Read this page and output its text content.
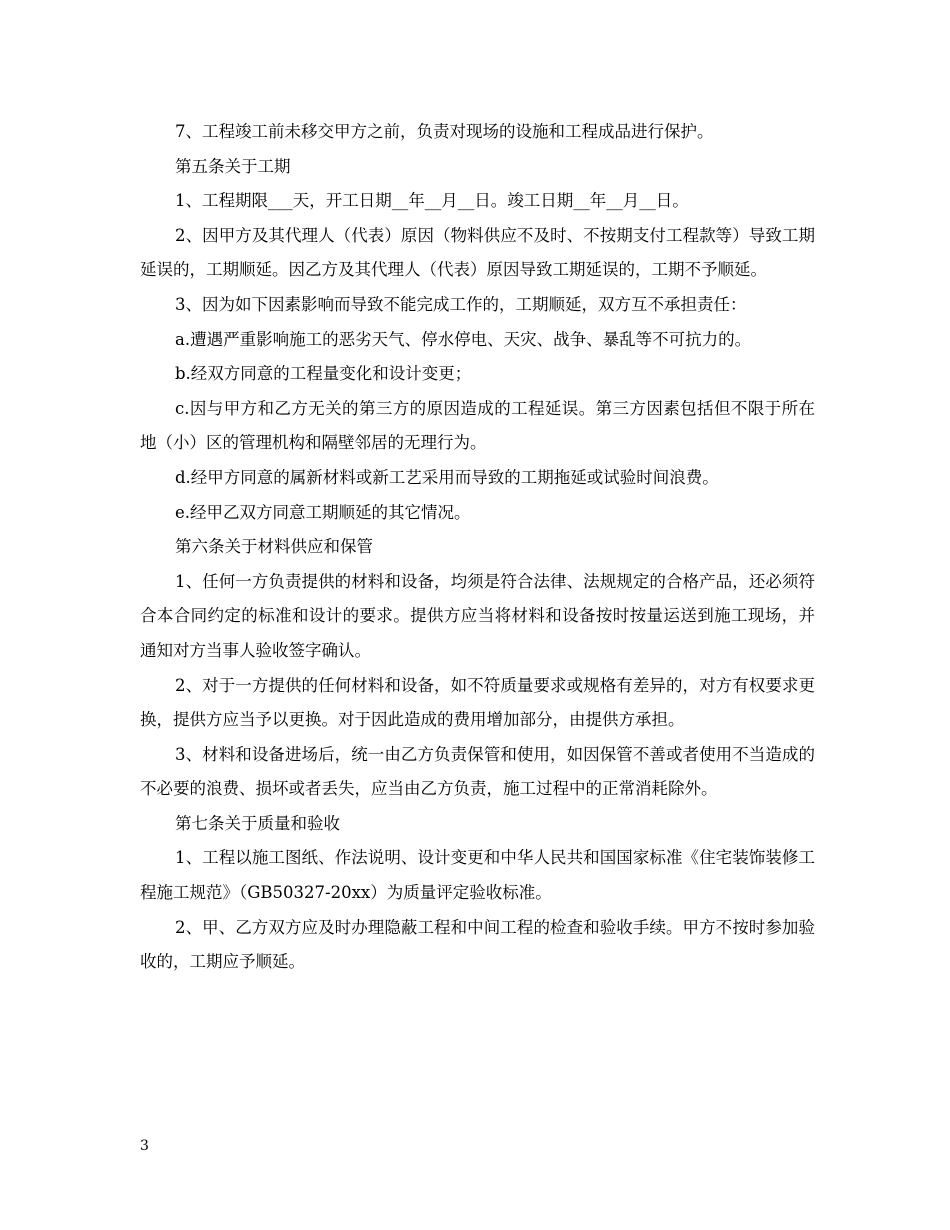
7、工程竣工前未移交甲方之前，负责对现场的设施和工程成品进行保护。

第五条关于工期

1、工程期限___天，开工日期__年__月__日。竣工日期__年__月__日。

2、因甲方及其代理人（代表）原因（物料供应不及时、不按期支付工程款等）导致工期延误的，工期顺延。因乙方及其代理人（代表）原因导致工期延误的，工期不予顺延。

3、因为如下因素影响而导致不能完成工作的，工期顺延，双方互不承担责任：

a.遭遇严重影响施工的恶劣天气、停水停电、天灾、战争、暴乱等不可抗力的。

b.经双方同意的工程量变化和设计变更；

c.因与甲方和乙方无关的第三方的原因造成的工程延误。第三方因素包括但不限于所在地（小）区的管理机构和隔壁邻居的无理行为。

d.经甲方同意的属新材料或新工艺采用而导致的工期拖延或试验时间浪费。

e.经甲乙双方同意工期顺延的其它情况。

第六条关于材料供应和保管

1、任何一方负责提供的材料和设备，均须是符合法律、法规规定的合格产品，还必须符合本合同约定的标准和设计的要求。提供方应当将材料和设备按时按量运送到施工现场，并通知对方当事人验收签字确认。

2、对于一方提供的任何材料和设备，如不符质量要求或规格有差异的，对方有权要求更换，提供方应当予以更换。对于因此造成的费用增加部分，由提供方承担。

3、材料和设备进场后，统一由乙方负责保管和使用，如因保管不善或者使用不当造成的不必要的浪费、损坏或者丢失，应当由乙方负责，施工过程中的正常消耗除外。

第七条关于质量和验收

1、工程以施工图纸、作法说明、设计变更和中华人民共和国国家标准《住宅装饰装修工程施工规范》（GB50327-20xx）为质量评定验收标准。

2、甲、乙方双方应及时办理隐蔽工程和中间工程的检查和验收手续。甲方不按时参加验收的，工期应予顺延。

3
